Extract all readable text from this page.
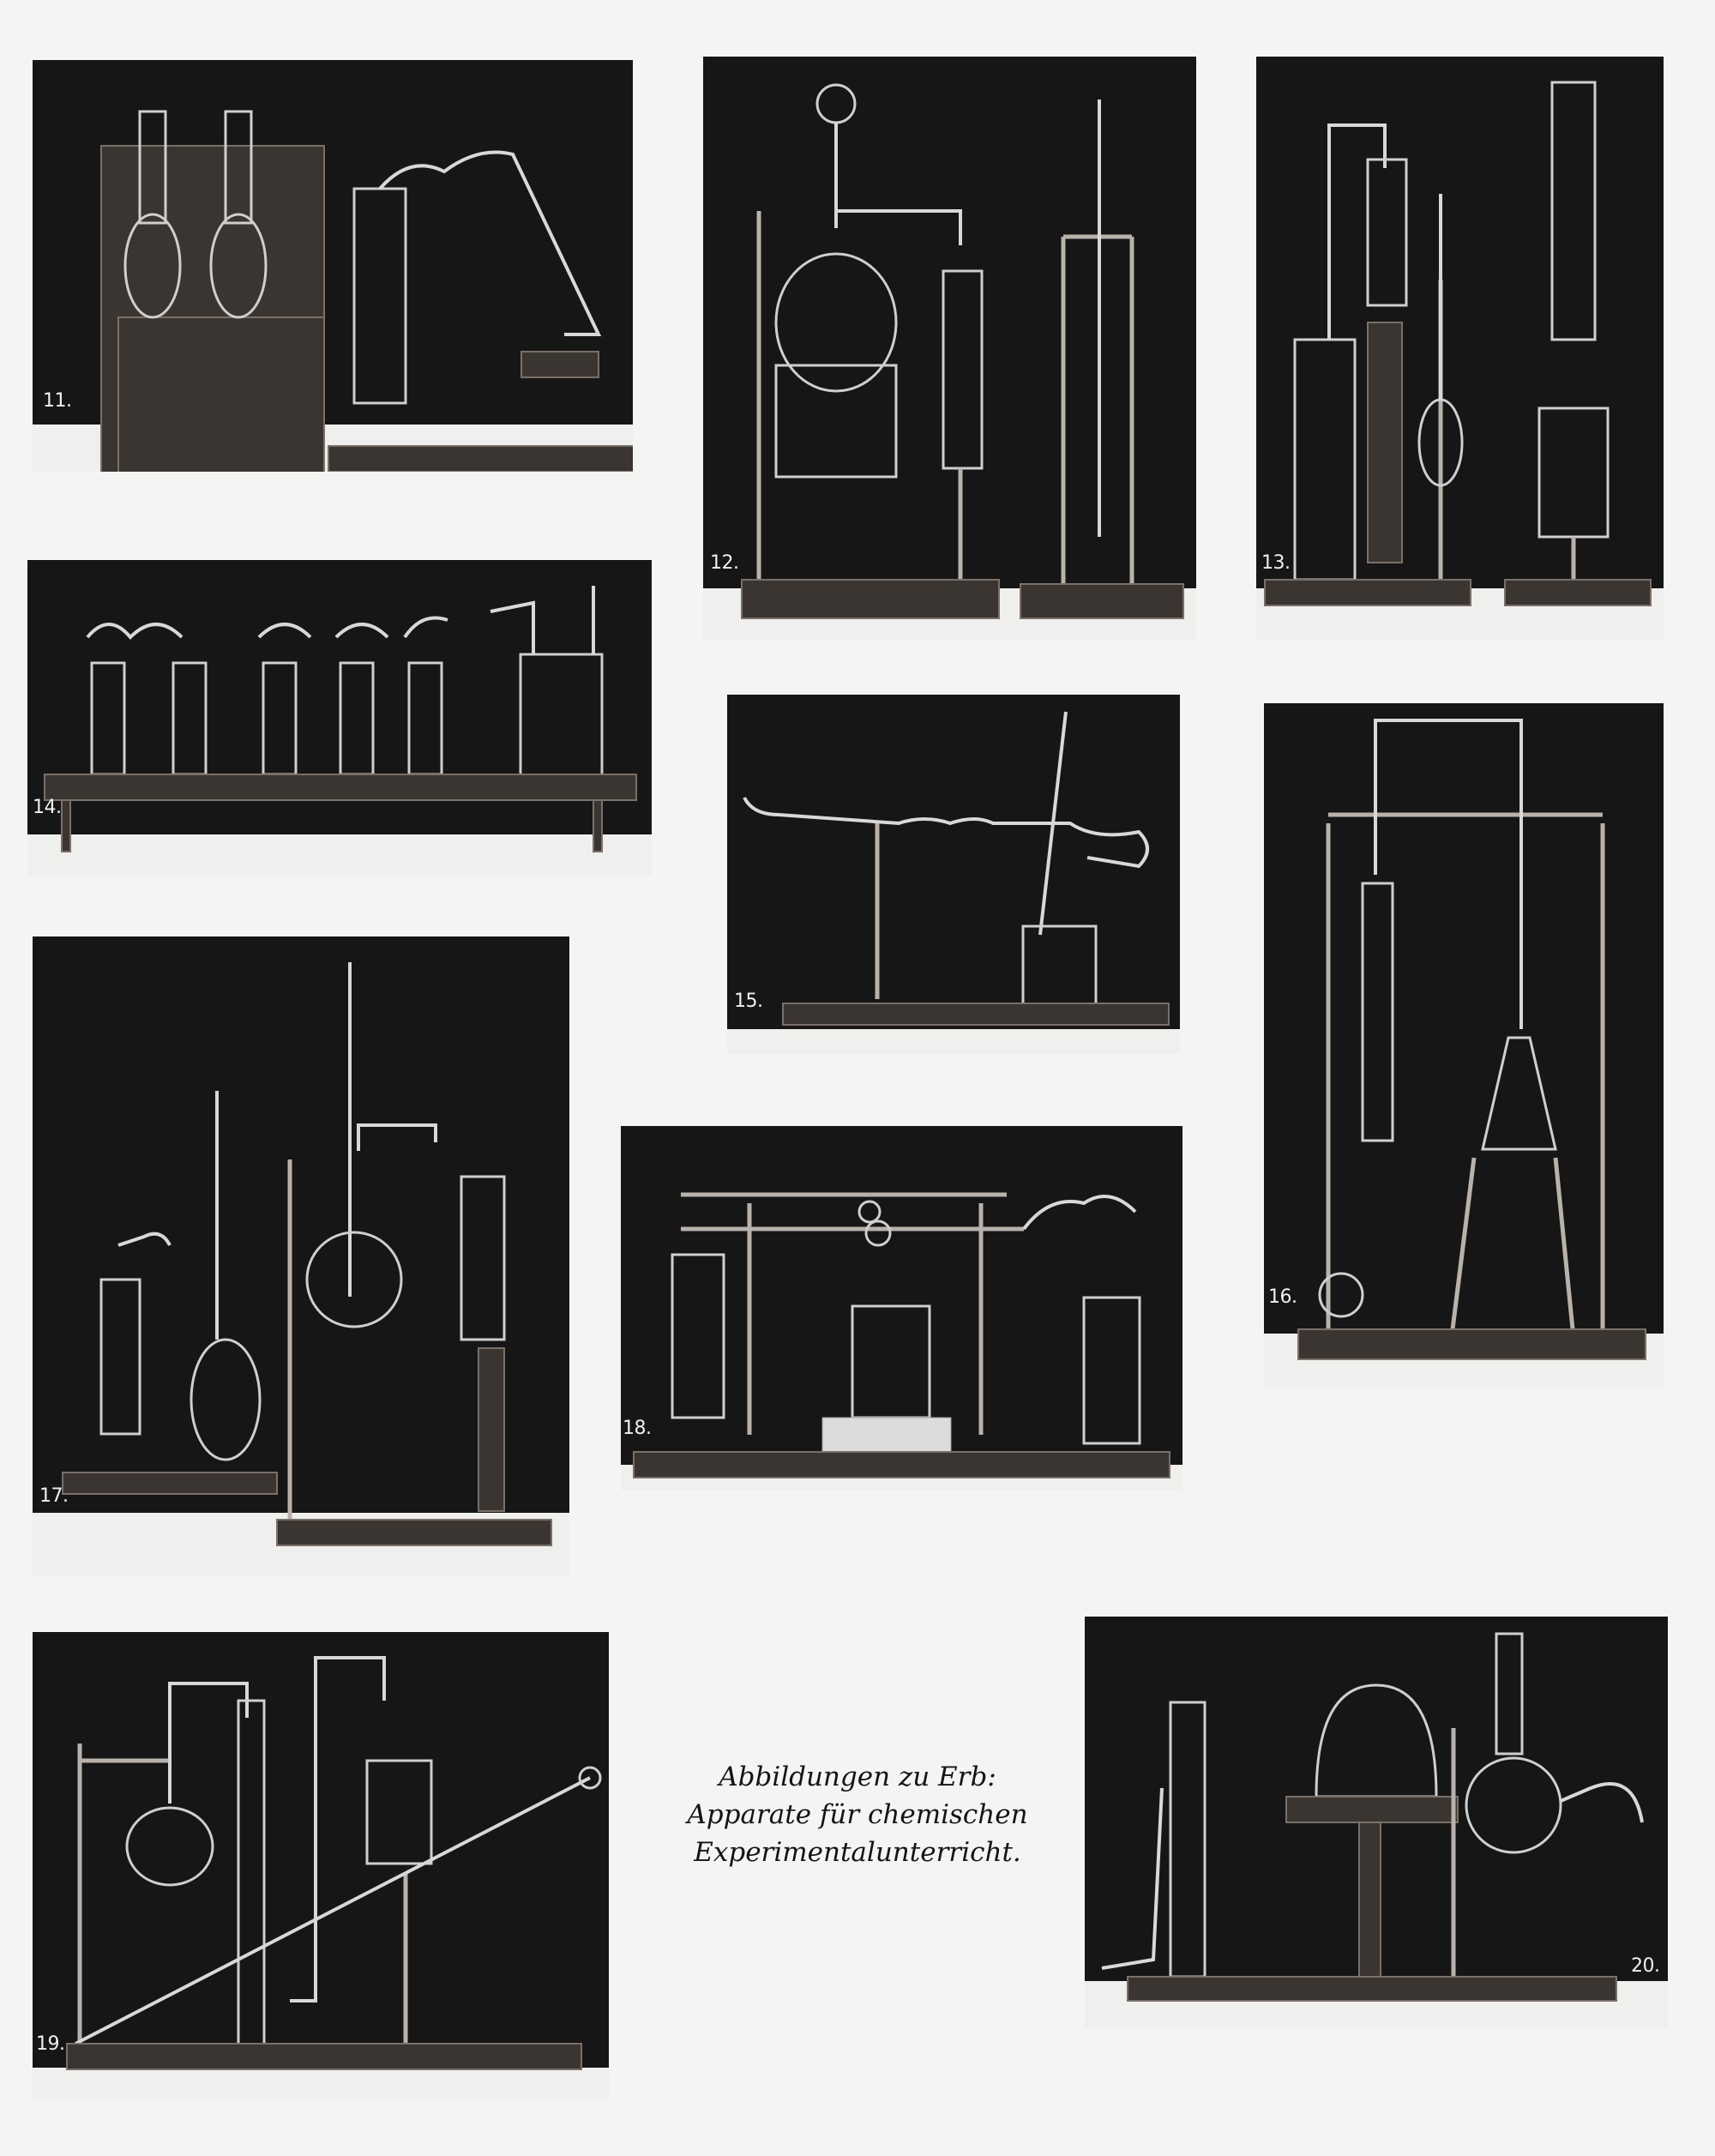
11.
12.	13.
14.
15.
16.
17.
18.
19.
20.
Abbildungen zu Erb:
Apparate für chemischen
Experimentalunterricht.
